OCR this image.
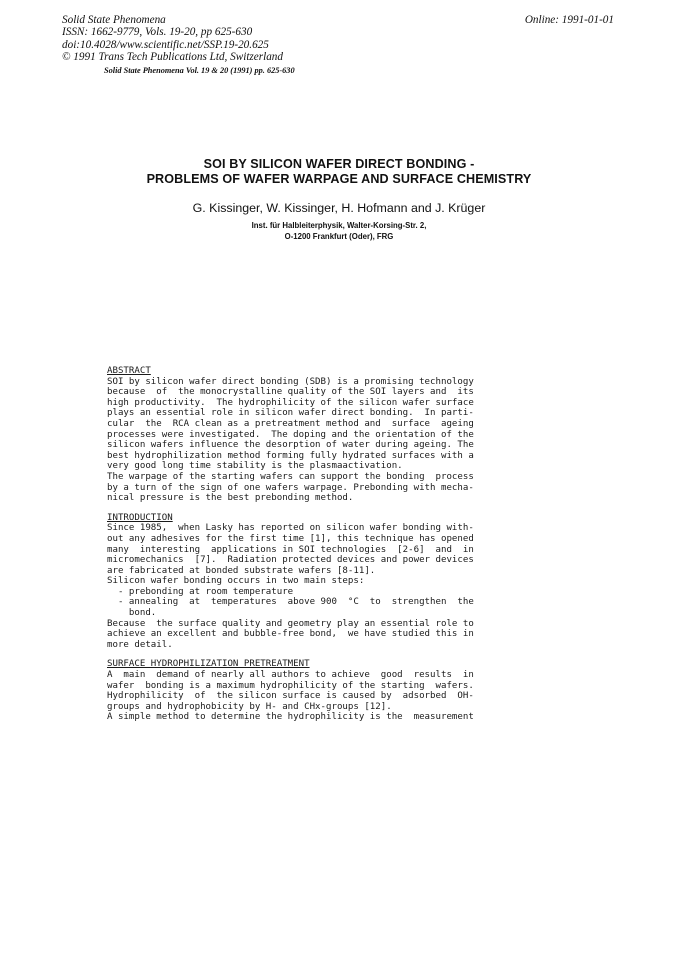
Solid State Phenomena
ISSN: 1662-9779, Vols. 19-20, pp 625-630
doi:10.4028/www.scientific.net/SSP.19-20.625
© 1991 Trans Tech Publications Ltd, Switzerland
Online: 1991-01-01
Solid State Phenomena Vol. 19 & 20 (1991) pp. 625-630
SOI BY SILICON WAFER DIRECT BONDING -
PROBLEMS OF WAFER WARPAGE AND SURFACE CHEMISTRY
G. Kissinger, W. Kissinger, H. Hofmann and J. Krüger
Inst. für Halbleiterphysik, Walter-Korsing-Str. 2,
O-1200 Frankfurt (Oder), FRG
ABSTRACT
SOI by silicon wafer direct bonding (SDB) is a promising technology
because  of  the monocrystalline quality of the SOI layers and  its
high productivity.  The hydrophilicity of the silicon wafer surface
plays an essential role in silicon wafer direct bonding.  In parti-
cular  the  RCA clean as a pretreatment method and  surface  ageing
processes were investigated.  The doping and the orientation of the
silicon wafers influence the desorption of water during ageing. The
best hydrophilization method forming fully hydrated surfaces with a
very good long time stability is the plasmaactivation.
The warpage of the starting wafers can support the bonding  process
by a turn of the sign of one wafers warpage. Prebonding with mecha-
nical pressure is the best prebonding method.
INTRODUCTION
Since 1985,  when Lasky has reported on silicon wafer bonding with-
out any adhesives for the first time [1], this technique has opened
many  interesting  applications in SOI technologies  [2-6]  and  in
micromechanics  [7].  Radiation protected devices and power devices
are fabricated at bonded substrate wafers [8-11].
Silicon wafer bonding occurs in two main steps:
- prebonding at room temperature
- annealing  at  temperatures  above 900  °C  to  strengthen  the
bond.
Because  the surface quality and geometry play an essential role to
achieve an excellent and bubble-free bond,  we have studied this in
more detail.
SURFACE HYDROPHILIZATION PRETREATMENT
A  main  demand of nearly all authors to achieve  good  results  in
wafer  bonding is a maximum hydrophilicity of the starting  wafers.
Hydrophilicity  of  the silicon surface is caused by  adsorbed  OH-
groups and hydrophobicity by H- and CHx-groups [12].
A simple method to determine the hydrophilicity is the  measurement
